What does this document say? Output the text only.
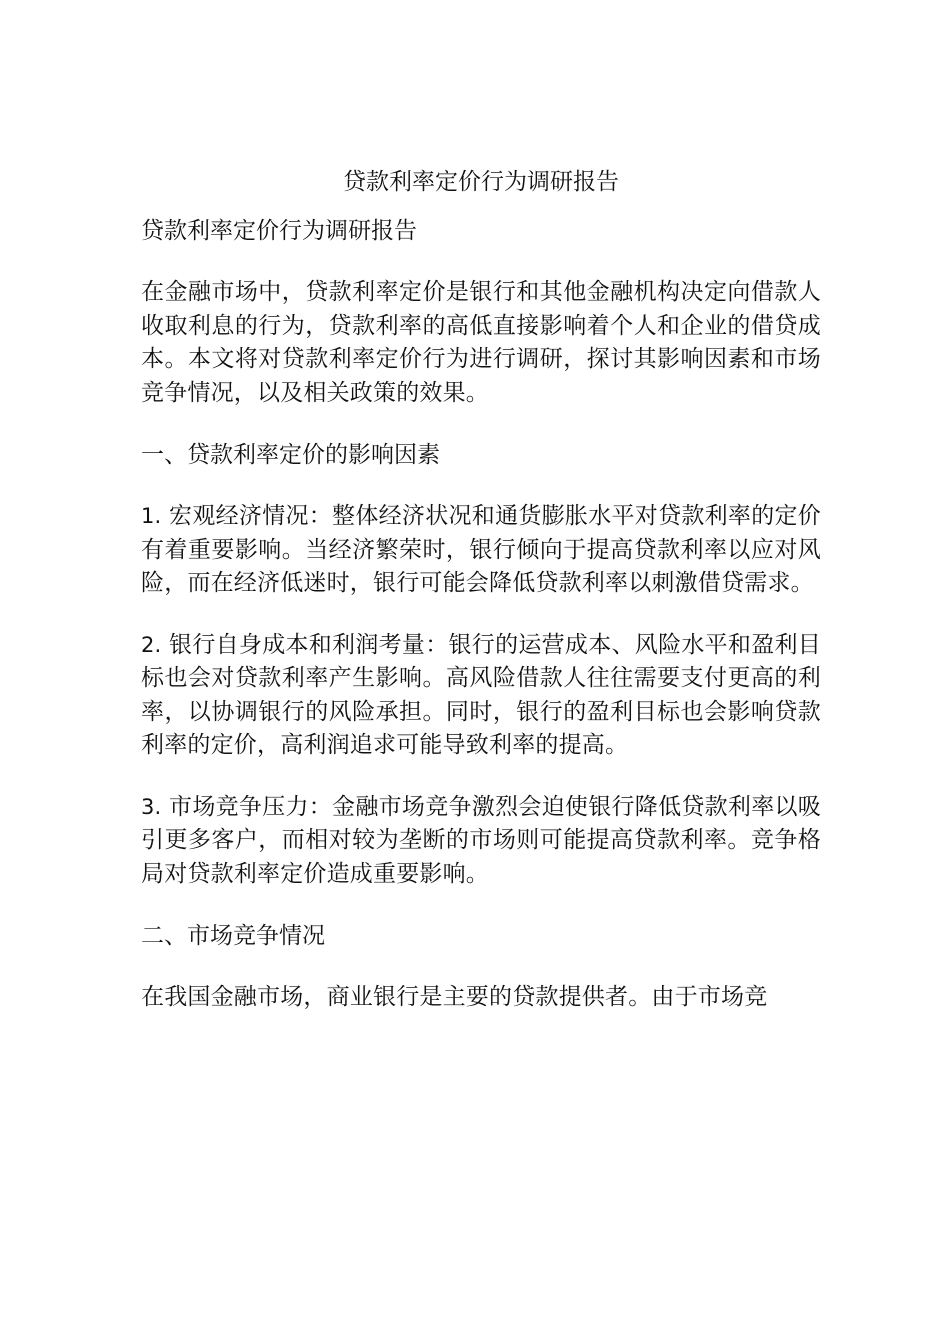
贷款利率定价行为调研报告

贷款利率定价行为调研报告

在金融市场中，贷款利率定价是银行和其他金融机构决定向借款人收取利息的行为，贷款利率的高低直接影响着个人和企业的借贷成本。本文将对贷款利率定价行为进行调研，探讨其影响因素和市场竞争情况，以及相关政策的效果。

一、贷款利率定价的影响因素

1. 宏观经济情况：整体经济状况和通货膨胀水平对贷款利率的定价有着重要影响。当经济繁荣时，银行倾向于提高贷款利率以应对风险，而在经济低迷时，银行可能会降低贷款利率以刺激借贷需求。

2. 银行自身成本和利润考量：银行的运营成本、风险水平和盈利目标也会对贷款利率产生影响。高风险借款人往往需要支付更高的利率，以协调银行的风险承担。同时，银行的盈利目标也会影响贷款利率的定价，高利润追求可能导致利率的提高。

3. 市场竞争压力：金融市场竞争激烈会迫使银行降低贷款利率以吸引更多客户，而相对较为垄断的市场则可能提高贷款利率。竞争格局对贷款利率定价造成重要影响。

二、市场竞争情况

在我国金融市场，商业银行是主要的贷款提供者。由于市场竞
